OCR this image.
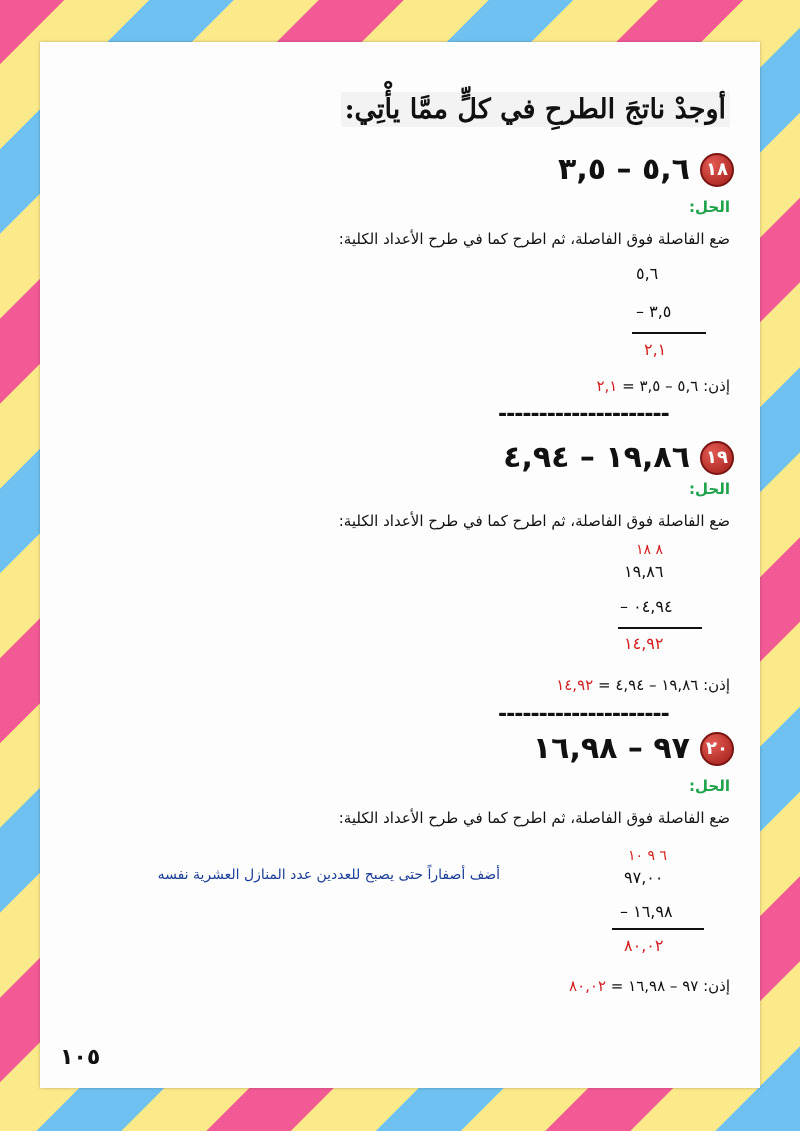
أوجدْ ناتجَ الطرحِ في كلٍّ ممَّا يأْتِي:
١٨
٥,٦ – ٣,٥
الحل:
ضع الفاصلة فوق الفاصلة، ثم اطرح كما في طرح الأعداد الكلية:
٥,٦
– ٣,٥
٢,١
إذن: ٥,٦ – ٣,٥ = ٢,١
---------------------
١٩
١٩,٨٦ – ٤,٩٤
الحل:
ضع الفاصلة فوق الفاصلة، ثم اطرح كما في طرح الأعداد الكلية:
٨ ١٨
١٩,٨٦
– ٠٤,٩٤
١٤,٩٢
إذن: ١٩,٨٦ – ٤,٩٤ = ١٤,٩٢
---------------------
٢٠
٩٧ – ١٦,٩٨
الحل:
ضع الفاصلة فوق الفاصلة، ثم اطرح كما في طرح الأعداد الكلية:
٦ ٩ ١٠
٩٧,٠٠
أضف أصفاراً حتى يصبح للعددين عدد المنازل العشرية نفسه
– ١٦,٩٨
٨٠,٠٢
إذن: ٩٧ – ١٦,٩٨ = ٨٠,٠٢
١٠٥
